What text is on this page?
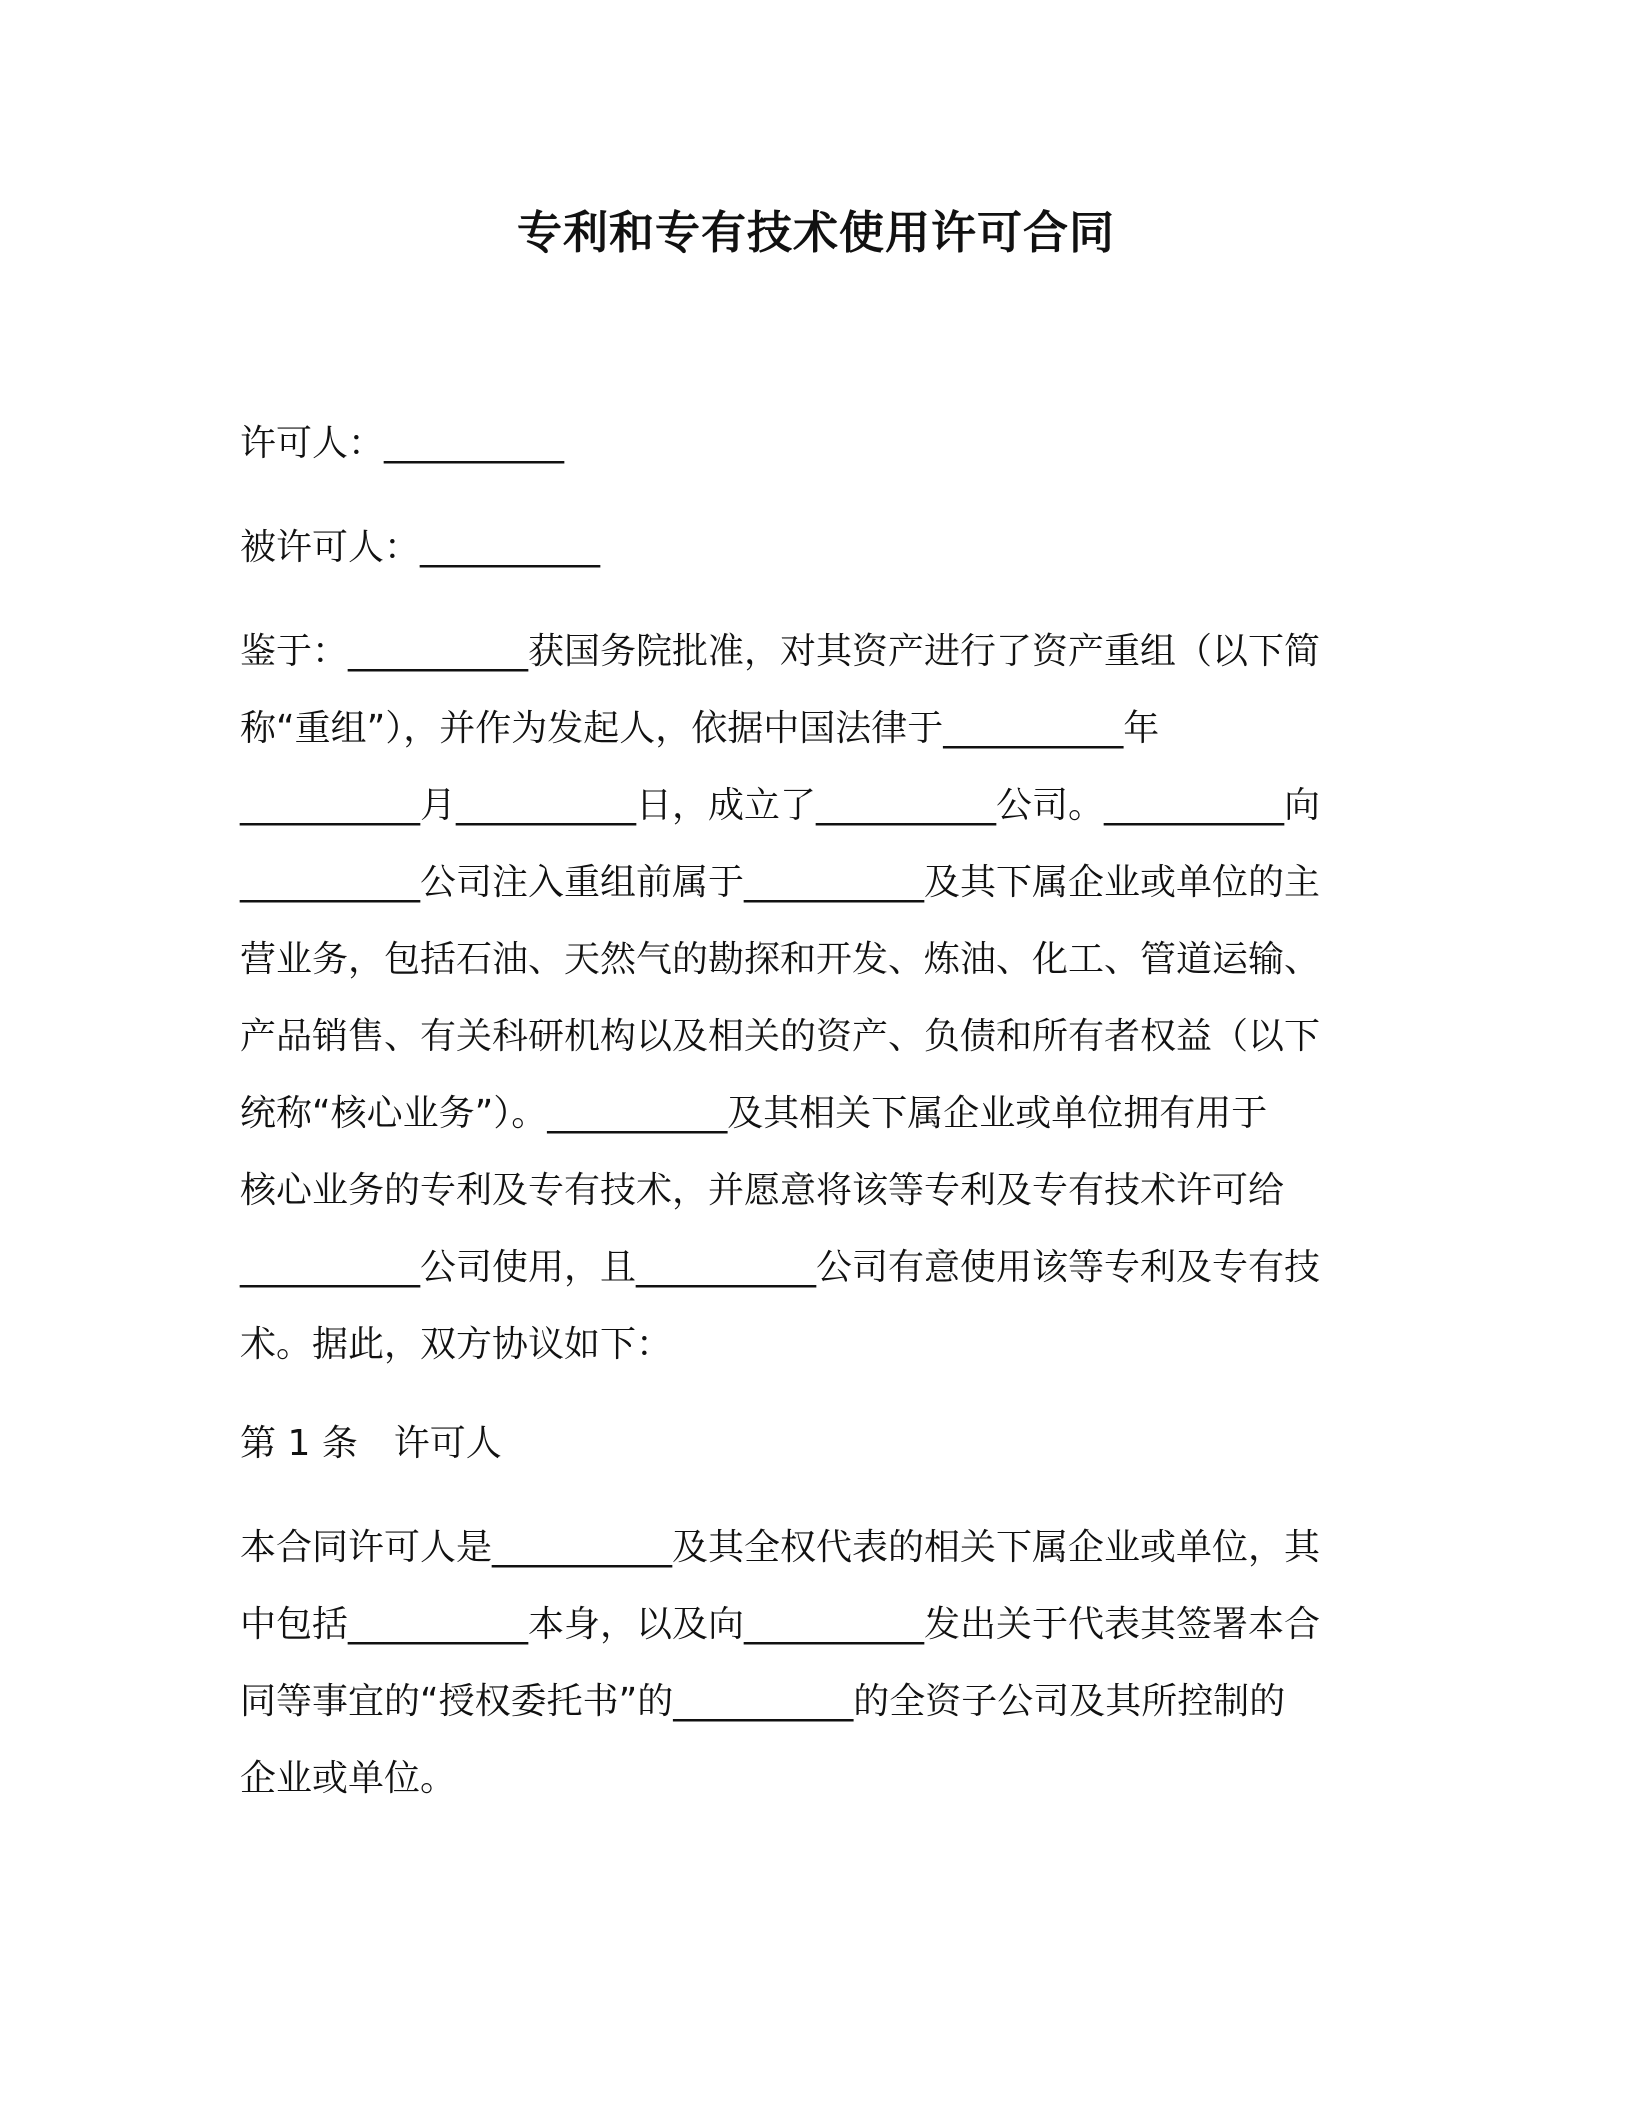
专利和专有技术使用许可合同

许可人：__________

被许可人：__________

鉴于：__________获国务院批准，对其资产进行了资产重组（以下简

称“重组”），并作为发起人，依据中国法律于__________年

__________月__________日，成立了__________公司。__________向

__________公司注入重组前属于__________及其下属企业或单位的主

营业务，包括石油、天然气的勘探和开发、炼油、化工、管道运输、

产品销售、有关科研机构以及相关的资产、负债和所有者权益（以下

统称“核心业务”）。__________及其相关下属企业或单位拥有用于

核心业务的专利及专有技术，并愿意将该等专利及专有技术许可给

__________公司使用，且__________公司有意使用该等专利及专有技

术。据此，双方协议如下：

第 1 条　许可人

本合同许可人是__________及其全权代表的相关下属企业或单位，其

中包括__________本身，以及向__________发出关于代表其签署本合

同等事宜的“授权委托书”的__________的全资子公司及其所控制的

企业或单位。
